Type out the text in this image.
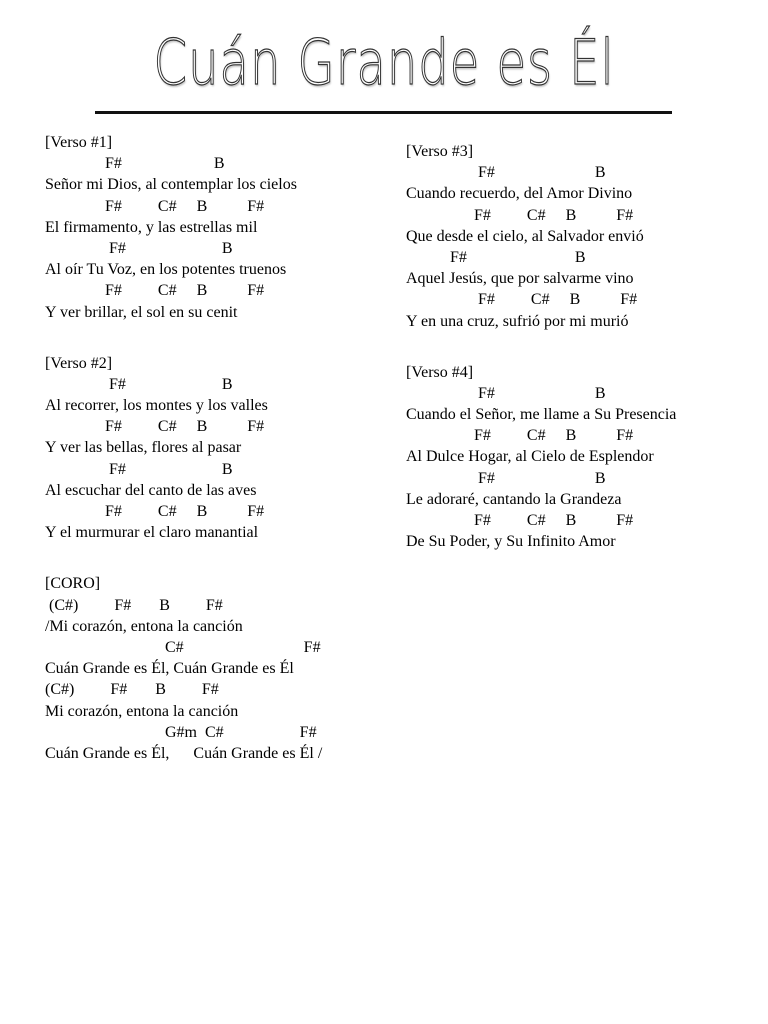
Cuán Grande es Él
[Verso #1]
F#                       B
Señor mi Dios, al contemplar los cielos
F#         C#     B          F#
El firmamento, y las estrellas mil
F#                        B
Al oír Tu Voz, en los potentes truenos
F#         C#     B          F#
Y ver brillar, el sol en su cenit
[Verso #2]
F#                        B
Al recorrer, los montes y los valles
F#         C#     B          F#
Y ver las bellas, flores al pasar
F#                        B
Al escuchar del canto de las aves
F#         C#     B          F#
Y el murmurar el claro manantial
[CORO]
(C#)         F#       B         F#
/Mi corazón, entona la canción
C#                              F#
Cuán Grande es Él, Cuán Grande es Él
(C#)         F#       B         F#
Mi corazón, entona la canción
G#m  C#                   F#
Cuán Grande es Él,      Cuán Grande es Él /
[Verso #3]
F#                         B
Cuando recuerdo, del Amor Divino
F#         C#     B          F#
Que desde el cielo, al Salvador envió
F#                           B
Aquel Jesús, que por salvarme vino
F#         C#     B          F#
Y en una cruz, sufrió por mi murió
[Verso #4]
F#                         B
Cuando el Señor, me llame a Su Presencia
F#         C#     B          F#
Al Dulce Hogar, al Cielo de Esplendor
F#                         B
Le adoraré, cantando la Grandeza
F#         C#     B          F#
De Su Poder, y Su Infinito Amor
